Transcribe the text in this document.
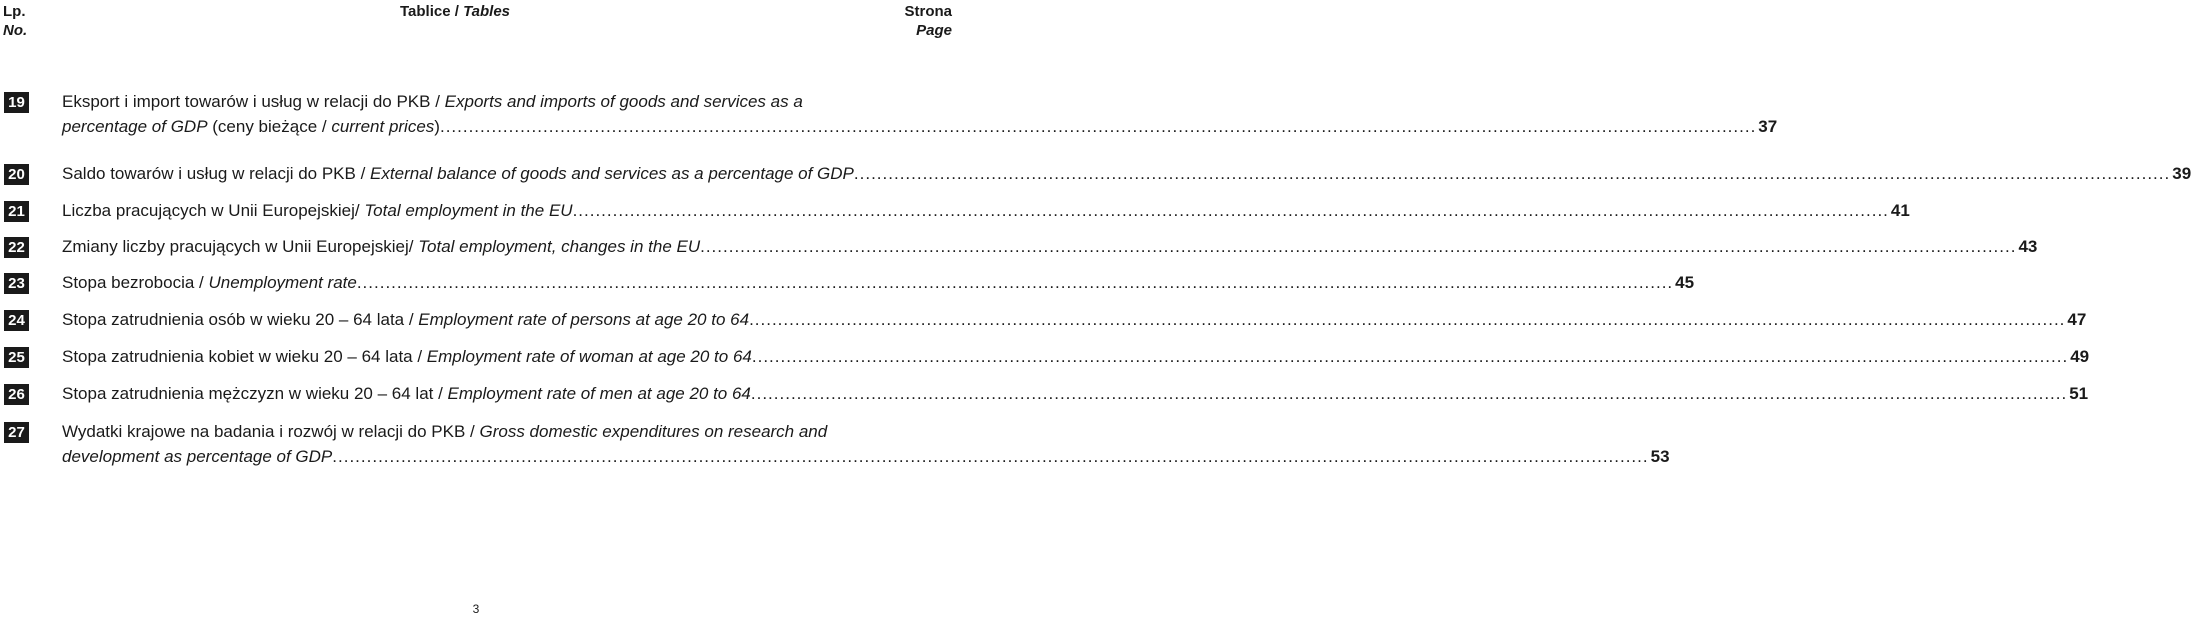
Lp.
No.
Tablice / Tables	Strona
Page
19 Eksport i import towarów i usług w relacji do PKB / Exports and imports of goods and services as a
percentage of GDP (ceny bieżące / current prices) .....	37
20 Saldo towarów i usług w relacji do PKB / External balance of goods and services as a percentage of GDP .....	39
21 Liczba pracujących w Unii Europejskiej/ Total employment in the EU .....	41
22 Zmiany liczby pracujących w Unii Europejskiej/ Total employment, changes in the EU .....	43
23 Stopa bezrobocia / Unemployment rate .....	45
24 Stopa zatrudnienia osób w wieku 20 – 64 lata / Employment rate of persons at age 20 to 64 .....	47
25 Stopa zatrudnienia kobiet w wieku 20 – 64 lata / Employment rate of woman at age 20 to 64 .....	49
26 Stopa zatrudnienia mężczyzn w wieku 20 – 64 lat / Employment rate of men at age 20 to 64 .....	51
27 Wydatki krajowe na badania i rozwój w relacji do PKB / Gross domestic expenditures on research and
development as percentage of GDP .....	53
3
